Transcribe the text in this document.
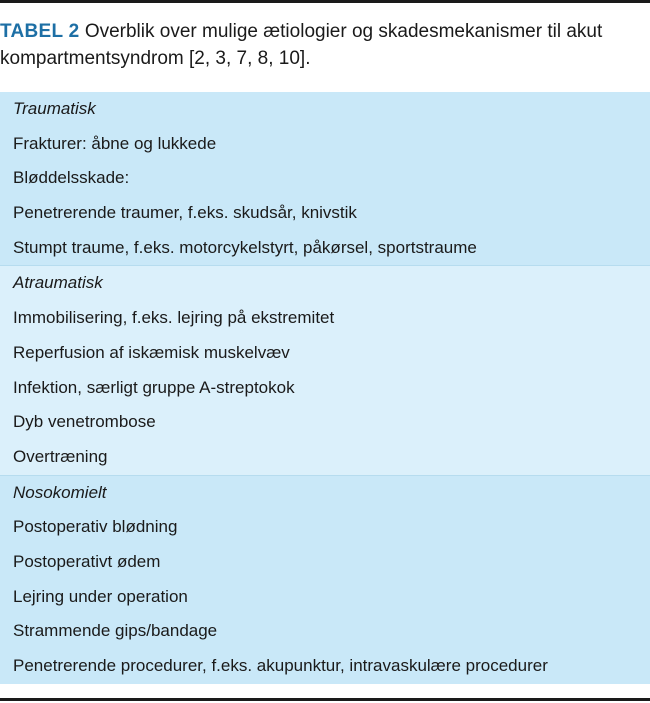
TABEL 2 Overblik over mulige ætiologier og skadesmekanismer til akut kompartmentsyndrom [2, 3, 7, 8, 10].
Traumatisk
Frakturer: åbne og lukkede
Bløddelsskade:
Penetrerende traumer, f.eks. skudsår, knivstik
Stumpt traume, f.eks. motorcykelstyrt, påkørsel, sportstraume
Atraumatisk
Immobilisering, f.eks. lejring på ekstremitet
Reperfusion af iskæmisk muskelvæv
Infektion, særligt gruppe A-streptokok
Dyb venetrombose
Overtræning
Nosokomielt
Postoperativ blødning
Postoperativt ødem
Lejring under operation
Strammende gips/bandage
Penetrerende procedurer, f.eks. akupunktur, intravaskulære procedurer
